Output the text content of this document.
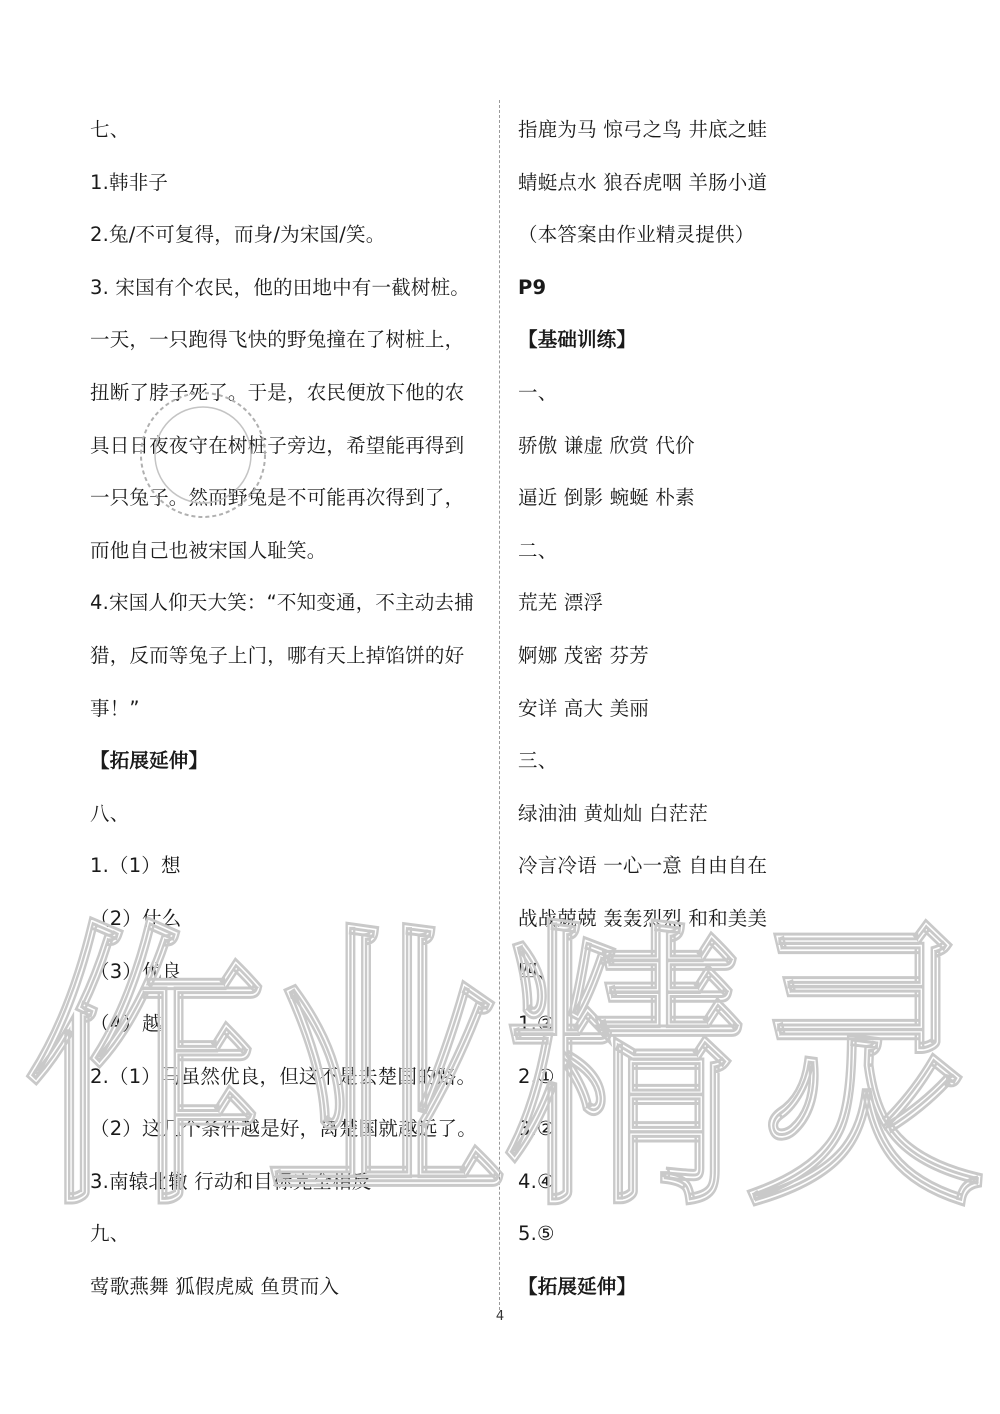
七、
1.韩非子
2.兔/不可复得，而身/为宋国/笑。
3. 宋国有个农民，他的田地中有一截树桩。
一天，一只跑得飞快的野兔撞在了树桩上，
扭断了脖子死了。于是，农民便放下他的农
具日日夜夜守在树桩子旁边，希望能再得到
一只兔子。然而野兔是不可能再次得到了，
而他自己也被宋国人耻笑。
4.宋国人仰天大笑：“不知变通，不主动去捕
猎，反而等兔子上门，哪有天上掉馅饼的好
事！”
【拓展延伸】
八、
1.（1）想
（2）什么
（3）优良
（4）越
2.（1）马虽然优良，但这不是去楚国的路。
（2）这几个条件越是好，离楚国就越远了。
3.南辕北辙 行动和目标完全相反
九、
莺歌燕舞 狐假虎威 鱼贯而入
指鹿为马 惊弓之鸟 井底之蛙
蜻蜓点水 狼吞虎咽 羊肠小道
（本答案由作业精灵提供）
P9
【基础训练】
一、
骄傲 谦虚 欣赏 代价
逼近 倒影 蜿蜒 朴素
二、
荒芜 漂浮
婀娜 茂密 芬芳
安详 高大 美丽
三、
绿油油 黄灿灿 白茫茫
冷言冷语 一心一意 自由自在
战战兢兢 轰轰烈烈 和和美美
四、
1.②
2.①
3.②
4.④
5.⑤
【拓展延伸】
作业精灵
4
